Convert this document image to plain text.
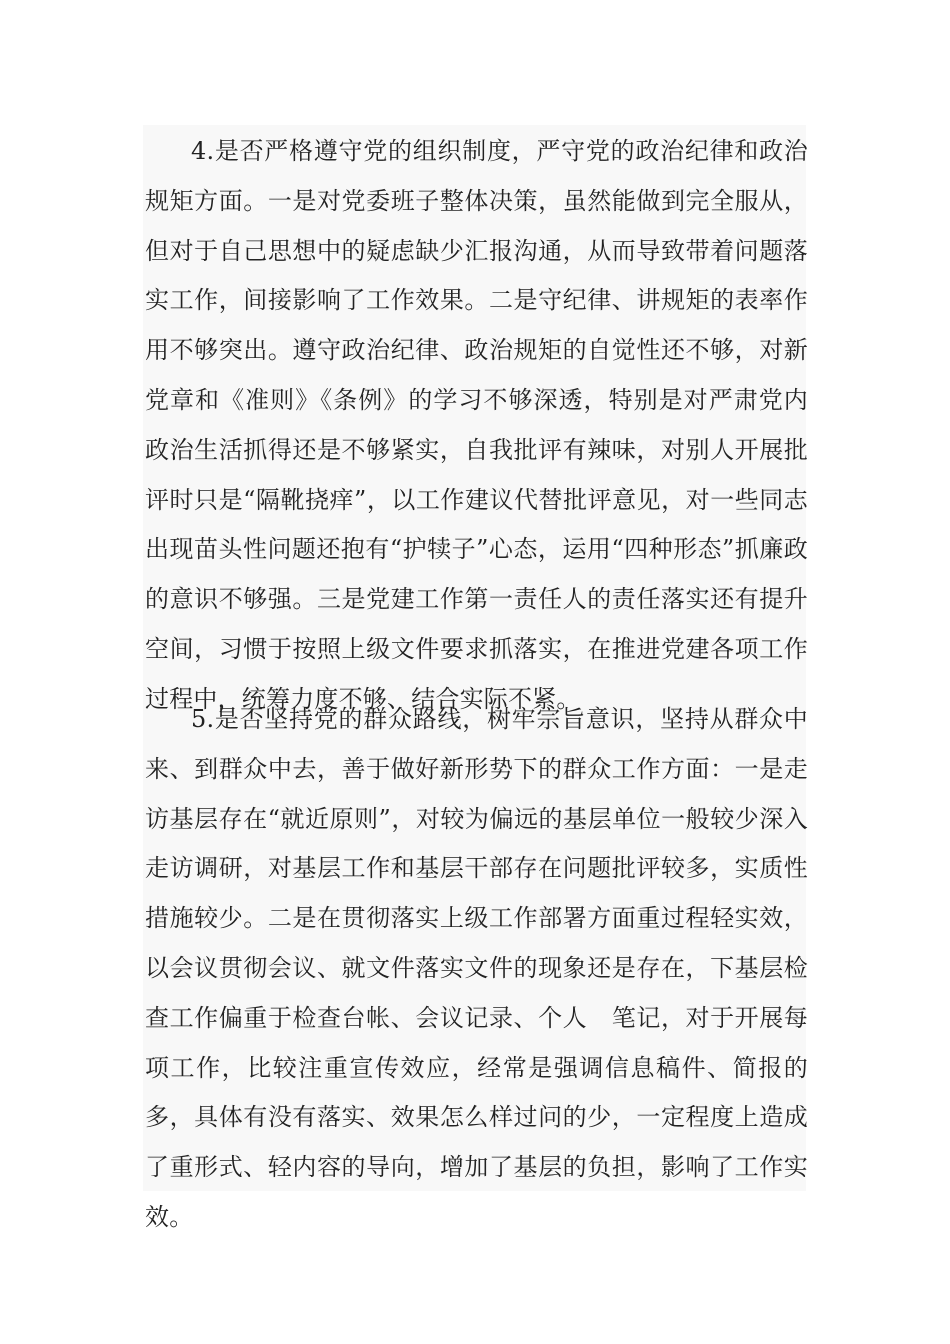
4.是否严格遵守党的组织制度，严守党的政治纪律和政治规矩方面。一是对党委班子整体决策，虽然能做到完全服从，但对于自己思想中的疑虑缺少汇报沟通，从而导致带着问题落实工作，间接影响了工作效果。二是守纪律、讲规矩的表率作用不够突出。遵守政治纪律、政治规矩的自觉性还不够，对新党章和《准则》《条例》的学习不够深透，特别是对严肃党内政治生活抓得还是不够紧实，自我批评有辣味，对别人开展批评时只是“隔靴挠痒”，以工作建议代替批评意见，对一些同志出现苗头性问题还抱有“护犊子”心态，运用“四种形态”抓廉政的意识不够强。三是党建工作第一责任人的责任落实还有提升空间，习惯于按照上级文件要求抓落实，在推进党建各项工作过程中，统筹力度不够、结合实际不紧。

5.是否坚持党的群众路线，树牢宗旨意识，坚持从群众中来、到群众中去，善于做好新形势下的群众工作方面：一是走访基层存在“就近原则”，对较为偏远的基层单位一般较少深入走访调研，对基层工作和基层干部存在问题批评较多，实质性措施较少。二是在贯彻落实上级工作部署方面重过程轻实效，以会议贯彻会议、就文件落实文件的现象还是存在，下基层检查工作偏重于检查台帐、会议记录、个人　笔记，对于开展每项工作，比较注重宣传效应，经常是强调信息稿件、简报的多，具体有没有落实、效果怎么样过问的少，一定程度上造成了重形式、轻内容的导向，增加了基层的负担，影响了工作实效。
